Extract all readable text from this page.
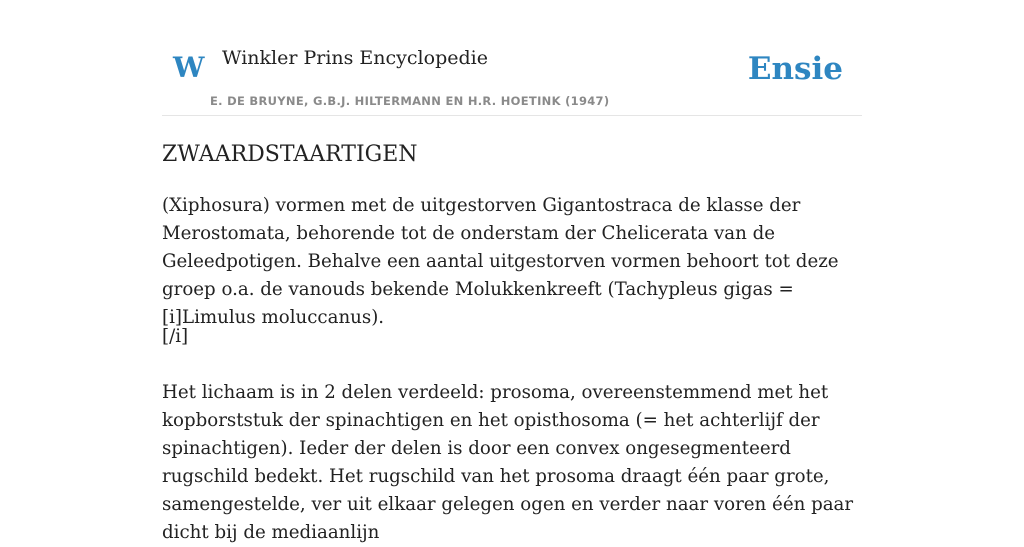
W Winkler Prins Encyclopedie
E. DE BRUYNE, G.B.J. HILTERMANN EN H.R. HOETINK (1947)
Ensie
ZWAARDSTAARTIGEN

(Xiphosura) vormen met de uitgestorven Gigantostraca de klasse der Merostomata, behorende tot de onderstam der Chelicerata van de Geleedpotigen. Behalve een aantal uitgestorven vormen behoort tot deze groep o.a. de vanouds bekende Molukkenkreeft (Tachypleus gigas = [i]Limulus moluccanus).

[/i]

Het lichaam is in 2 delen verdeeld: prosoma, overeenstemmend met het kopborststuk der spinachtigen en het opisthosoma (= het achterlijf der spinachtigen). Ieder der delen is door een convex ongesegmenteerd rugschild bedekt. Het rugschild van het prosoma draagt één paar grote, samengestelde, ver uit elkaar gelegen ogen en verder naar voren één paar dicht bij de mediaanlijn
